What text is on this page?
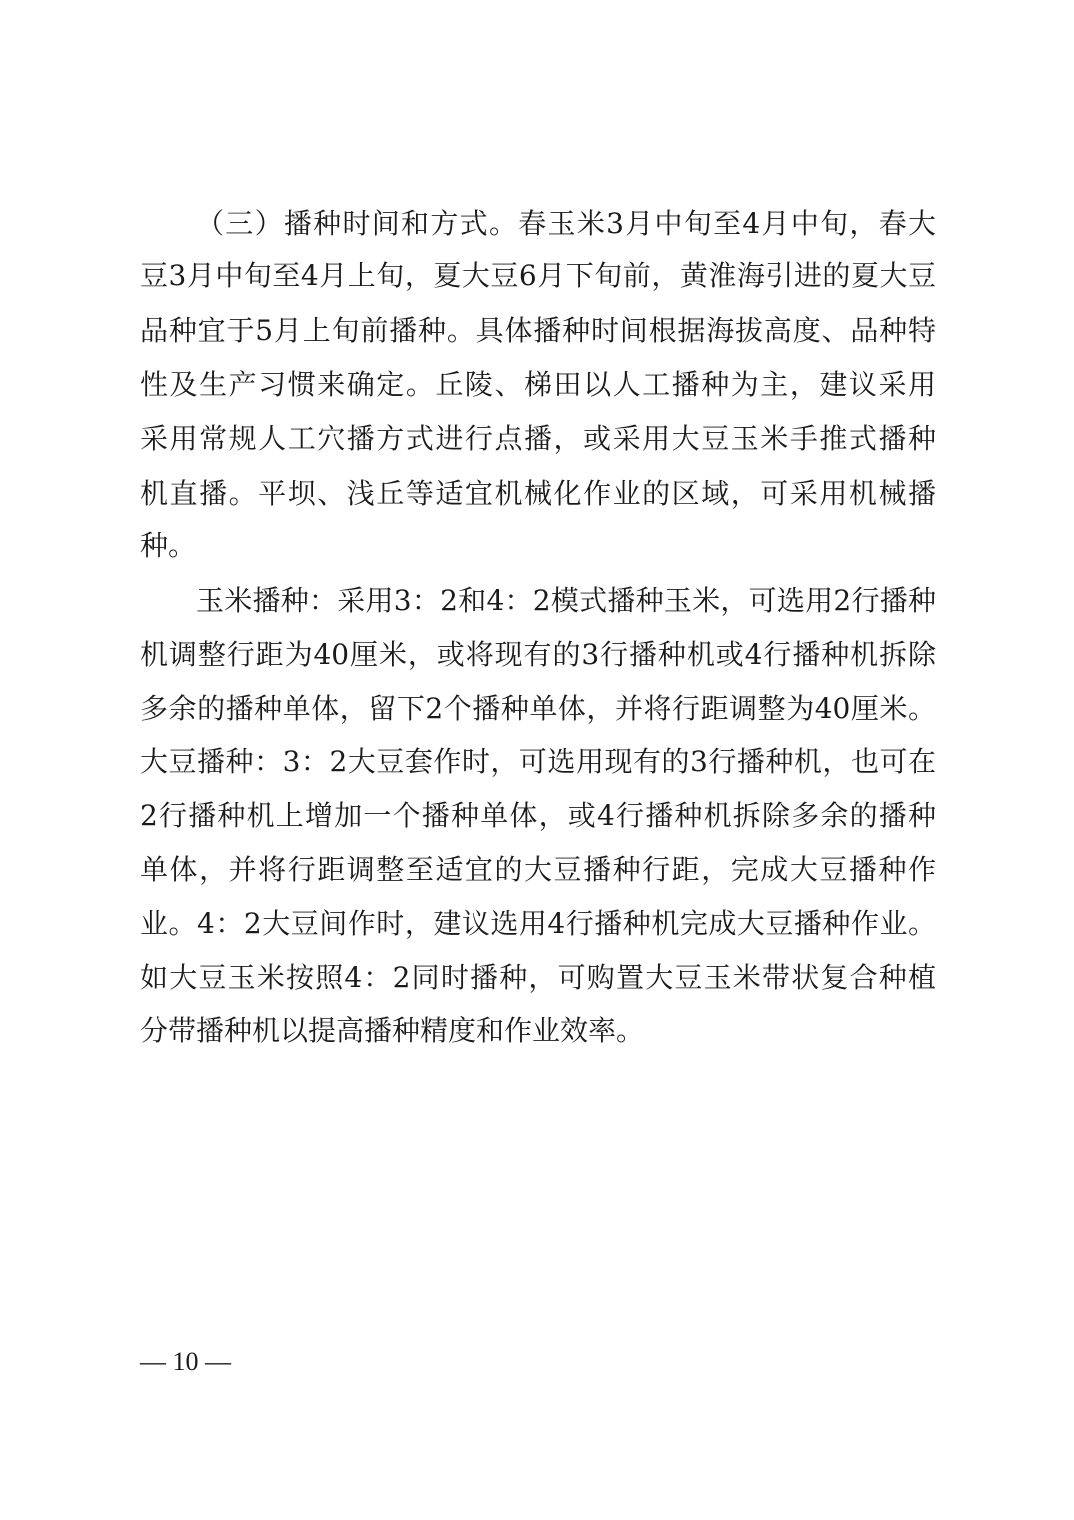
（三）播种时间和方式。春玉米3月中旬至4月中旬，春大
豆3月中旬至4月上旬，夏大豆6月下旬前，黄淮海引进的夏大豆
品种宜于5月上旬前播种。具体播种时间根据海拔高度、品种特
性及生产习惯来确定。丘陵、梯田以人工播种为主，建议采用
采用常规人工穴播方式进行点播，或采用大豆玉米手推式播种
机直播。平坝、浅丘等适宜机械化作业的区域，可采用机械播
种。
玉米播种：采用3：2和4：2模式播种玉米，可选用2行播种
机调整行距为40厘米，或将现有的3行播种机或4行播种机拆除
多余的播种单体，留下2个播种单体，并将行距调整为40厘米。
大豆播种：3：2大豆套作时，可选用现有的3行播种机，也可在
2行播种机上增加一个播种单体，或4行播种机拆除多余的播种
单体，并将行距调整至适宜的大豆播种行距，完成大豆播种作
业。4：2大豆间作时，建议选用4行播种机完成大豆播种作业。
如大豆玉米按照4：2同时播种，可购置大豆玉米带状复合种植
分带播种机以提高播种精度和作业效率。
— 10 —
